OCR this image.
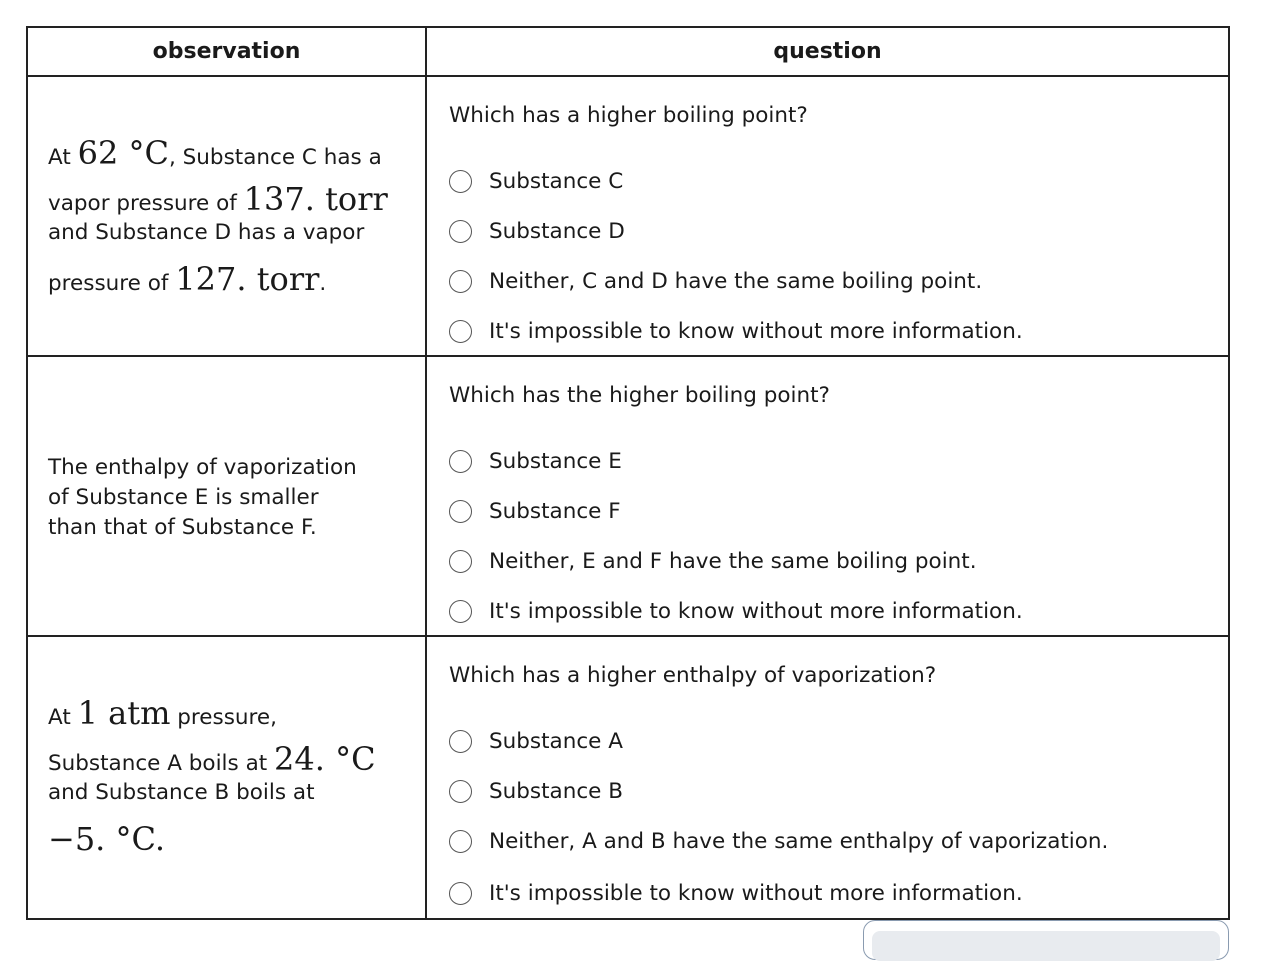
observation	question
At 62 °C, Substance C has a
vapor pressure of 137. torr
and Substance D has a vapor
pressure of 127. torr.
Which has a higher boiling point?
Substance C
Substance D
Neither, C and D have the same boiling point.
It's impossible to know without more information.
The enthalpy of vaporization
of Substance E is smaller
than that of Substance F.
Which has the higher boiling point?
Substance E
Substance F
Neither, E and F have the same boiling point.
It's impossible to know without more information.
At 1 atm pressure,
Substance A boils at 24. °C
and Substance B boils at
−5. °C.
Which has a higher enthalpy of vaporization?
Substance A
Substance B
Neither, A and B have the same enthalpy of vaporization.
It's impossible to know without more information.
